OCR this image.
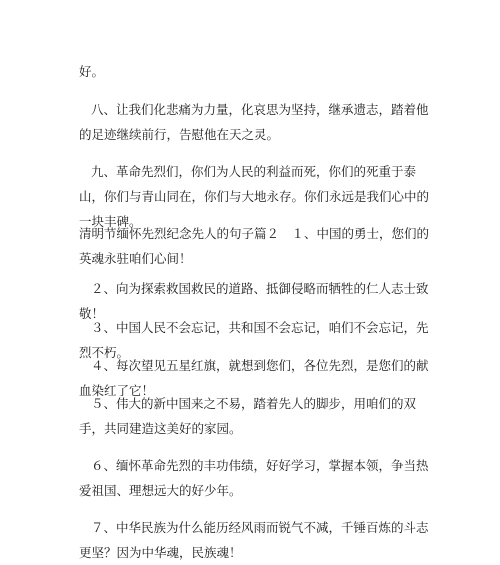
好。

八、让我们化悲痛为力量，化哀思为坚持，继承遗志，踏着他的足迹继续前行，告慰他在天之灵。

九、革命先烈们，你们为人民的利益而死，你们的死重于泰山，你们与青山同在，你们与大地永存。你们永远是我们心中的一块丰碑。

清明节缅怀先烈纪念先人的句子篇２　１、中国的勇士，您们的英魂永驻咱们心间！

２、向为探索救国救民的道路、抵御侵略而牺牲的仁人志士致敬！

３、中国人民不会忘记，共和国不会忘记，咱们不会忘记，先烈不朽。

４、每次望见五星红旗，就想到您们，各位先烈，是您们的献血染红了它！

５、伟大的新中国来之不易，踏着先人的脚步，用咱们的双手，共同建造这美好的家园。

６、缅怀革命先烈的丰功伟绩，好好学习，掌握本领，争当热爱祖国、理想远大的好少年。

７、中华民族为什么能历经风雨而锐气不减，千锤百炼的斗志更坚？因为中华魂，民族魂！
